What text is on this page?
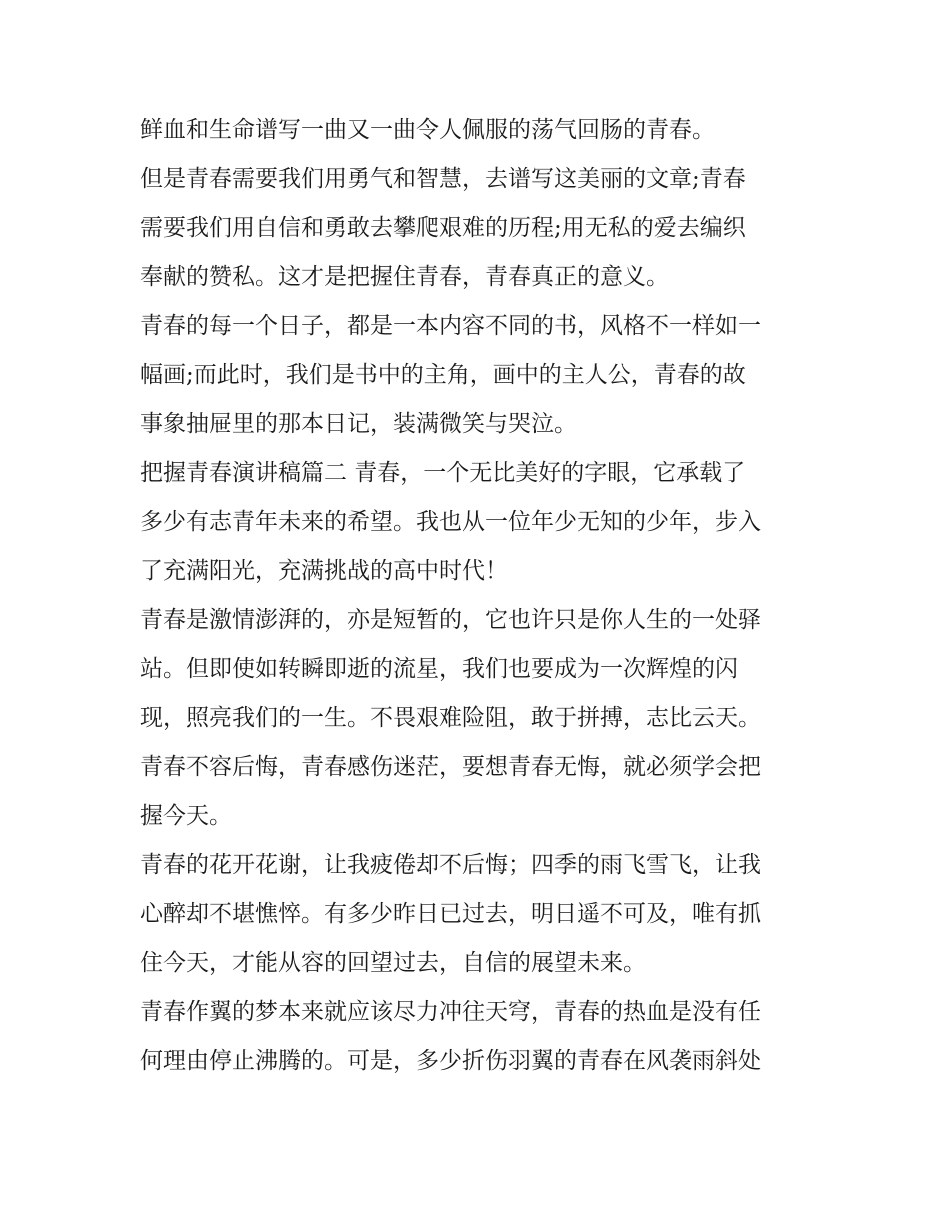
鲜血和生命谱写一曲又一曲令人佩服的荡气回肠的青春。

但是青春需要我们用勇气和智慧，去谱写这美丽的文章;青春
需要我们用自信和勇敢去攀爬艰难的历程;用无私的爱去编织
奉献的赞私。这才是把握住青春，青春真正的意义。

青春的每一个日子，都是一本内容不同的书，风格不一样如一
幅画;而此时，我们是书中的主角，画中的主人公，青春的故
事象抽屉里的那本日记，装满微笑与哭泣。

把握青春演讲稿篇二 青春，一个无比美好的字眼，它承载了
多少有志青年未来的希望。我也从一位年少无知的少年，步入
了充满阳光，充满挑战的高中时代！

青春是激情澎湃的，亦是短暂的，它也许只是你人生的一处驿
站。但即使如转瞬即逝的流星，我们也要成为一次辉煌的闪
现，照亮我们的一生。不畏艰难险阻，敢于拼搏，志比云天。
青春不容后悔，青春感伤迷茫，要想青春无悔，就必须学会把
握今天。

青春的花开花谢，让我疲倦却不后悔；四季的雨飞雪飞，让我
心醉却不堪憔悴。有多少昨日已过去，明日遥不可及，唯有抓
住今天，才能从容的回望过去，自信的展望未来。

青春作翼的梦本来就应该尽力冲往天穹，青春的热血是没有任
何理由停止沸腾的。可是，多少折伤羽翼的青春在风袭雨斜处
